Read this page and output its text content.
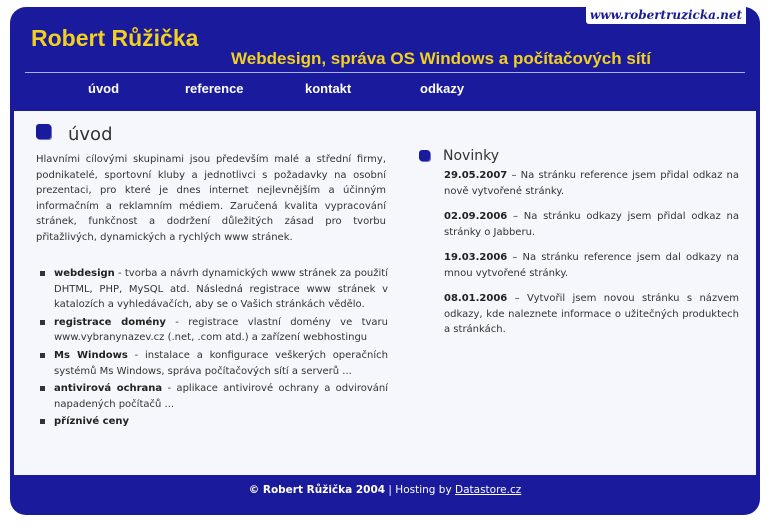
www.robertruzicka.net
Robert Růžička
Webdesign, správa OS Windows a počítačových sítí
úvod	reference	kontakt	odkazy
úvod
Hlavními cílovými skupinami jsou především malé a střední firmy, podnikatelé, sportovní kluby a jednotlivci s požadavky na osobní prezentaci, pro které je dnes internet nejlevnějším a účinným informačním a reklamním médiem. Zaručená kvalita vypracování stránek, funkčnost a dodržení důležitých zásad pro tvorbu přitažlivých, dynamických a rychlých www stránek.
webdesign - tvorba a návrh dynamických www stránek za použití DHTML, PHP, MySQL atd. Následná registrace www stránek v katalozích a vyhledávačích, aby se o Vašich stránkách vědělo.
registrace domény - registrace vlastní domény ve tvaru www.vybranynazev.cz (.net, .com atd.) a zařízení webhostingu
Ms Windows - instalace a konfigurace veškerých operačních systémů Ms Windows, správa počítačových sítí a serverů ...
antivirová ochrana - aplikace antivirové ochrany a odvirování napadených počítačů ...
příznivé ceny
Novinky
29.05.2007 – Na stránku reference jsem přidal odkaz na nově vytvořené stránky.
02.09.2006 – Na stránku odkazy jsem přidal odkaz na stránky o Jabberu.
19.03.2006 – Na stránku reference jsem dal odkazy na mnou vytvořené stránky.
08.01.2006 – Vytvořil jsem novou stránku s názvem odkazy, kde naleznete informace o užitečných produktech a stránkách.
© Robert Růžička 2004 | Hosting by Datastore.cz
